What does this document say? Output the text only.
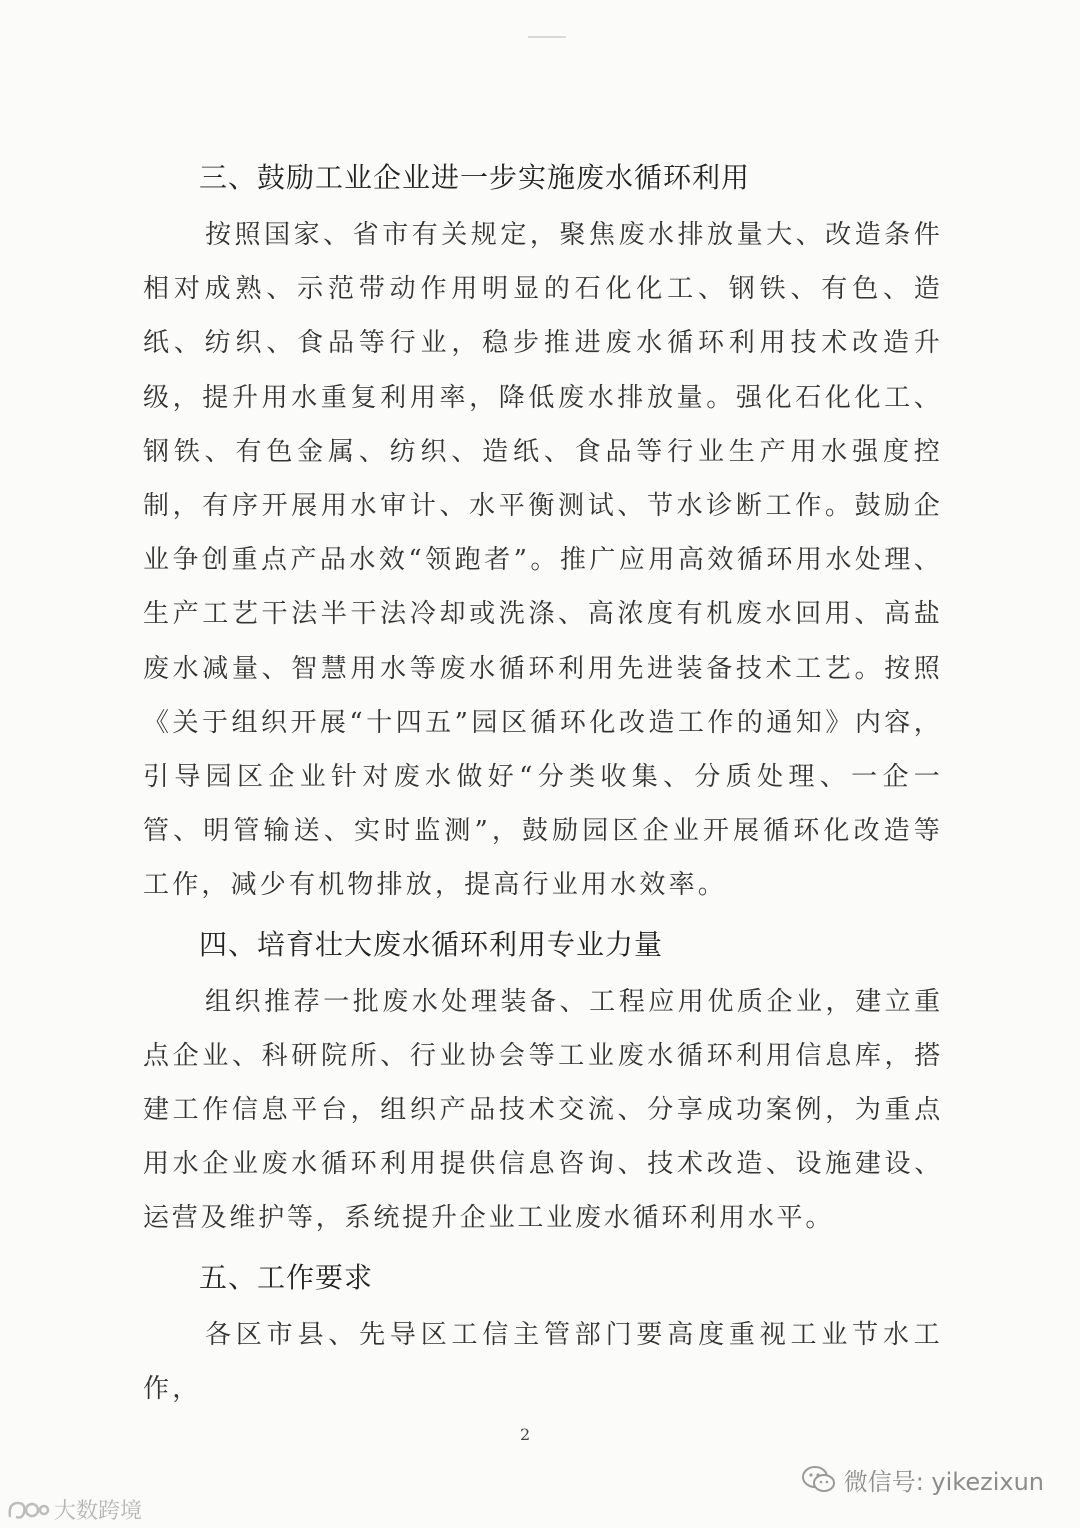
三、鼓励工业企业进一步实施废水循环利用

按照国家、省市有关规定，聚焦废水排放量大、改造条件相对成熟、示范带动作用明显的石化化工、钢铁、有色、造纸、纺织、食品等行业，稳步推进废水循环利用技术改造升级，提升用水重复利用率，降低废水排放量。强化石化化工、钢铁、有色金属、纺织、造纸、食品等行业生产用水强度控制，有序开展用水审计、水平衡测试、节水诊断工作。鼓励企业争创重点产品水效“领跑者”。推广应用高效循环用水处理、生产工艺干法半干法冷却或洗涤、高浓度有机废水回用、高盐废水减量、智慧用水等废水循环利用先进装备技术工艺。按照《关于组织开展“十四五”园区循环化改造工作的通知》内容，引导园区企业针对废水做好“分类收集、分质处理、一企一管、明管输送、实时监测”，鼓励园区企业开展循环化改造等工作，减少有机物排放，提高行业用水效率。

四、培育壮大废水循环利用专业力量

组织推荐一批废水处理装备、工程应用优质企业，建立重点企业、科研院所、行业协会等工业废水循环利用信息库，搭建工作信息平台，组织产品技术交流、分享成功案例，为重点用水企业废水循环利用提供信息咨询、技术改造、设施建设、运营及维护等，系统提升企业工业废水循环利用水平。

五、工作要求

各区市县、先导区工信主管部门要高度重视工业节水工作，

2
微信号: yikezixun
大数跨境
